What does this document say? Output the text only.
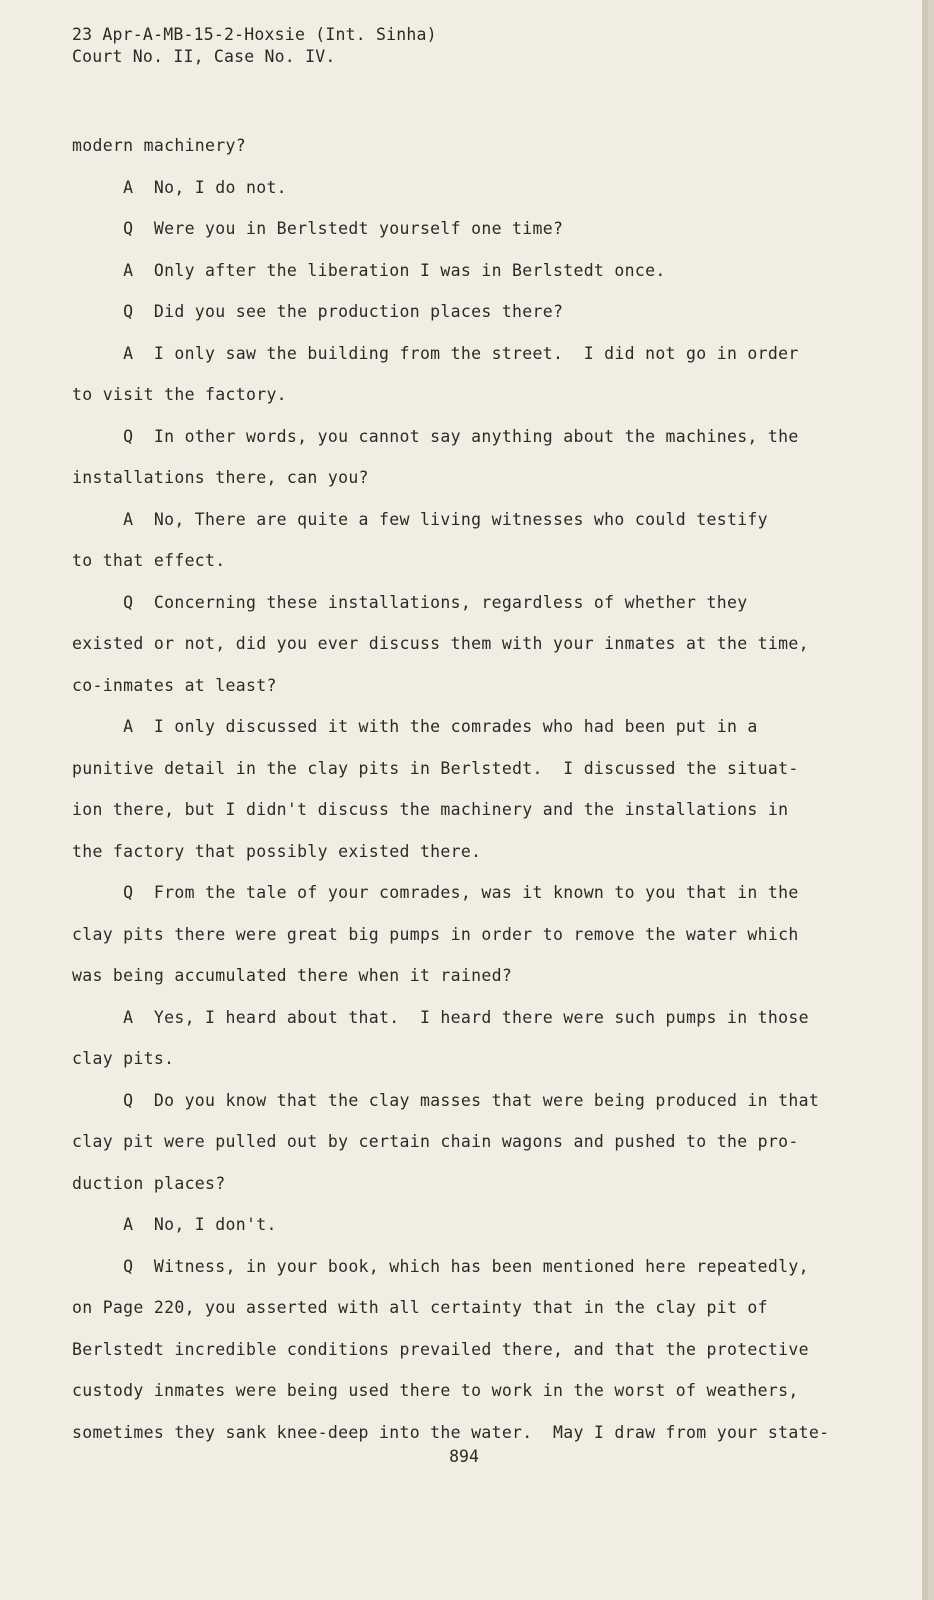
23 Apr-A-MB-15-2-Hoxsie (Int. Sinha)
Court No. II, Case No. IV.
modern machinery?
A  No, I do not.
Q  Were you in Berlstedt yourself one time?
A  Only after the liberation I was in Berlstedt once.
Q  Did you see the production places there?
A  I only saw the building from the street.  I did not go in order
to visit the factory.
Q  In other words, you cannot say anything about the machines, the
installations there, can you?
A  No, There are quite a few living witnesses who could testify
to that effect.
Q  Concerning these installations, regardless of whether they
existed or not, did you ever discuss them with your inmates at the time,
co-inmates at least?
A  I only discussed it with the comrades who had been put in a
punitive detail in the clay pits in Berlstedt.  I discussed the situat-
ion there, but I didn't discuss the machinery and the installations in
the factory that possibly existed there.
Q  From the tale of your comrades, was it known to you that in the
clay pits there were great big pumps in order to remove the water which
was being accumulated there when it rained?
A  Yes, I heard about that.  I heard there were such pumps in those
clay pits.
Q  Do you know that the clay masses that were being produced in that
clay pit were pulled out by certain chain wagons and pushed to the pro-
duction places?
A  No, I don't.
Q  Witness, in your book, which has been mentioned here repeatedly,
on Page 220, you asserted with all certainty that in the clay pit of
Berlstedt incredible conditions prevailed there, and that the protective
custody inmates were being used there to work in the worst of weathers,
sometimes they sank knee-deep into the water.  May I draw from your state-
894
